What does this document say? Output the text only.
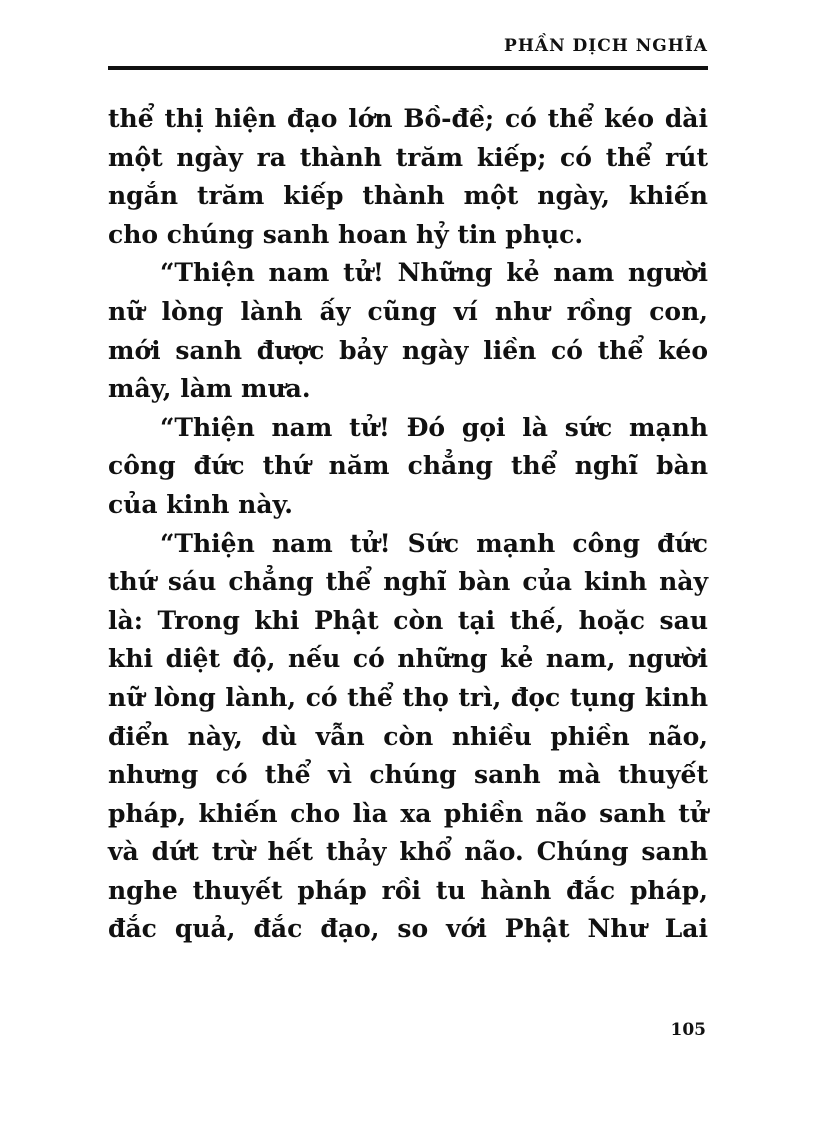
PHẦN DỊCH NGHĨA
thể thị hiện đạo lớn Bồ-đề; có thể kéo dài
một ngày ra thành trăm kiếp; có thể rút
ngắn trăm kiếp thành một ngày, khiến
cho chúng sanh hoan hỷ tin phục.
“Thiện nam tử! Những kẻ nam người
nữ lòng lành ấy cũng ví như rồng con,
mới sanh được bảy ngày liền có thể kéo
mây, làm mưa.
“Thiện nam tử! Đó gọi là sức mạnh
công đức thứ năm chẳng thể nghĩ bàn
của kinh này.
“Thiện nam tử! Sức mạnh công đức
thứ sáu chẳng thể nghĩ bàn của kinh này
là: Trong khi Phật còn tại thế, hoặc sau
khi diệt độ, nếu có những kẻ nam, người
nữ lòng lành, có thể thọ trì, đọc tụng kinh
điển này, dù vẫn còn nhiều phiền não,
nhưng có thể vì chúng sanh mà thuyết
pháp, khiến cho lìa xa phiền não sanh tử
và dứt trừ hết thảy khổ não. Chúng sanh
nghe thuyết pháp rồi tu hành đắc pháp,
đắc quả, đắc đạo, so với Phật Như Lai
105
